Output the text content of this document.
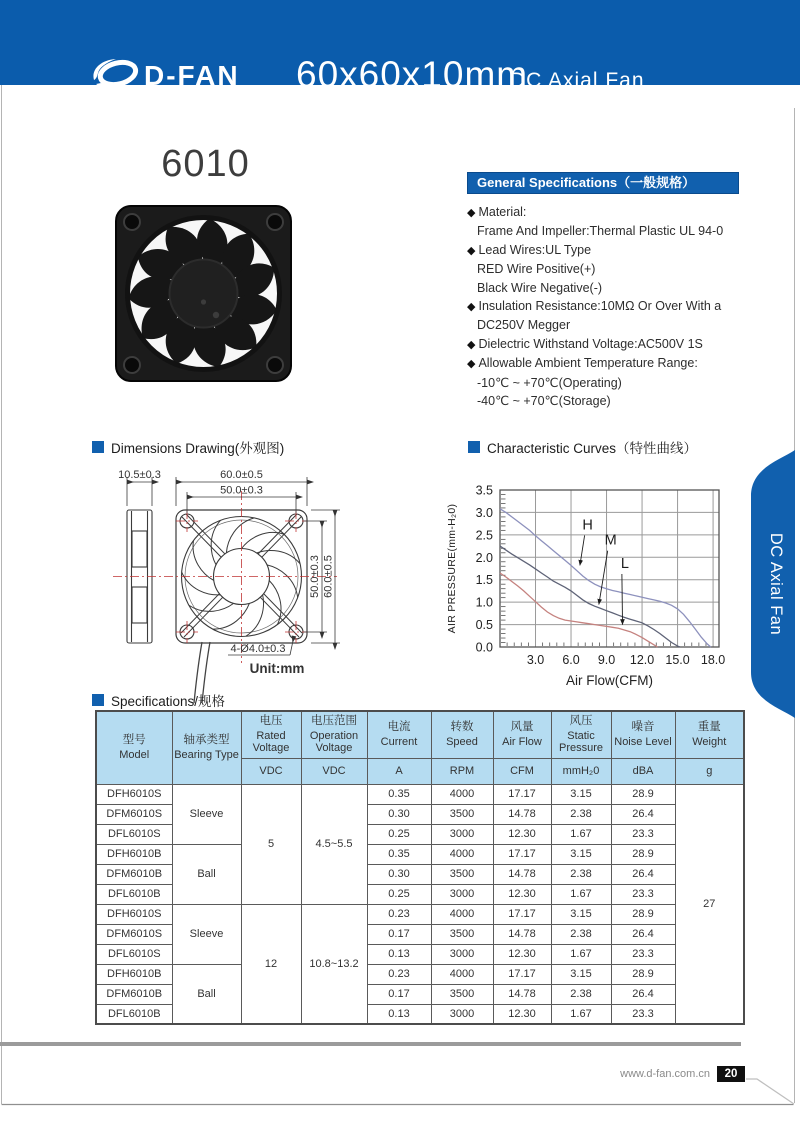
D-FAN 60x60x10mm
DC Axial Fan
6010	General Specifications（一般规格）
◆ Material:
Frame And Impeller:Thermal Plastic UL 94-0
◆ Lead Wires:UL Type
RED Wire Positive(+)
Black Wire Negative(-)
◆ Insulation Resistance:10MΩ Or Over With a
DC250V Megger
◆ Dielectric Withstand Voltage:AC500V 1S
◆ Allowable Ambient Temperature Range:
-10℃ ~ +70℃(Operating)
-40℃ ~ +70℃(Storage)
Dimensions Drawing(外观图)
10.5±0.3	60.0±0.5
50.0±0.3
50.0±0.3 60.0±0.5
4-Ø4.0±0.3
Unit:mm
Characteristic Curves（特性曲线）
0.0
0.5
1.0
1.5
2.0
2.5
3.0
3.5
3.0 6.0 9.0 12.0 15.0 18.0
AIR PRESSURE(mm-H₂0)
Air Flow(CFM)
H
M
L	DC Axial Fan
Specifications/规格
型号
Model

轴承类型
Bearing Type

电压
Rated Voltage

电压范围
Operation Voltage

电流
Current

转数
Speed

风量
Air Flow

风压
Static Pressure

噪音
Noise Level

重量
Weight

		VDC	VDC	A	RPM	CFM	mmH₂0	dBA	g
DFH6010S	Sleeve	5	4.5~5.5	0.35	4000	17.17	3.15	28.9	27
DFM6010S				0.30	3500	14.78	2.38	26.4	
DFL6010S				0.25	3000	12.30	1.67	23.3	
DFH6010B	Ball			0.35	4000	17.17	3.15	28.9	
DFM6010B				0.30	3500	14.78	2.38	26.4	
DFL6010B				0.25	3000	12.30	1.67	23.3	
DFH6010S	Sleeve	12	10.8~13.2	0.23	4000	17.17	3.15	28.9	
DFM6010S				0.17	3500	14.78	2.38	26.4	
DFL6010S				0.13	3000	12.30	1.67	23.3	
DFH6010B	Ball			0.23	4000	17.17	3.15	28.9	
DFM6010B				0.17	3500	14.78	2.38	26.4	
DFL6010B				0.13	3000	12.30	1.67	23.3	
www.d-fan.com.cn	20
